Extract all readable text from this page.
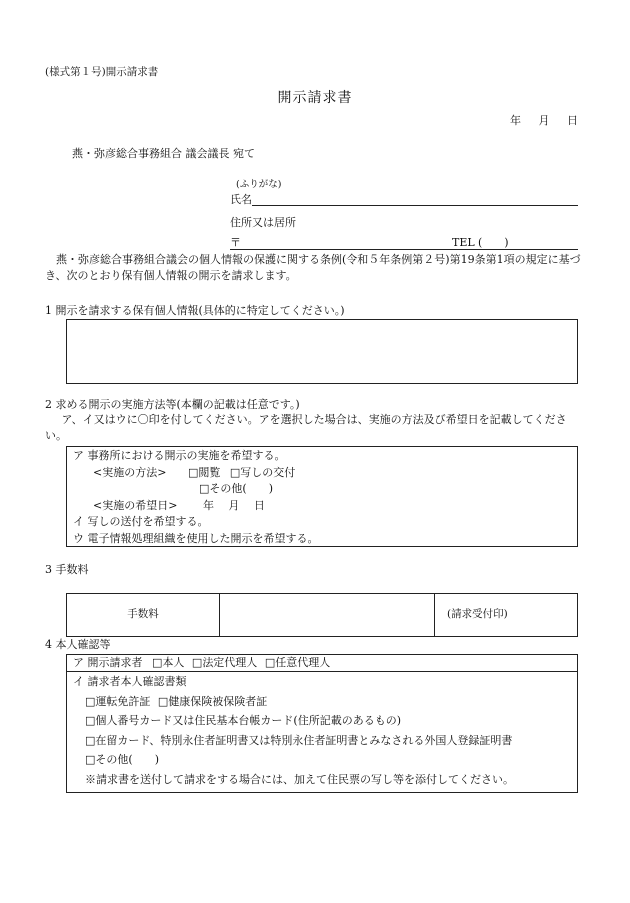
(様式第１号)開示請求書
開示請求書
年 月 日
燕・弥彦総合事務組合 議会議長 宛て
(ふりがな)
氏名
住所又は居所
〒	TEL (　　)
燕・弥彦総合事務組合議会の個人情報の保護に関する条例(令和５年条例第２号)第19条第1項の規定に基づき、次のとおり保有個人情報の開示を請求します。
1 開示を請求する保有個人情報(具体的に特定してください。)
2 求める開示の実施方法等(本欄の記載は任意です。)
ア、イ又はウに〇印を付してください。アを選択した場合は、実施の方法及び希望日を記載してください。
ア 事務所における開示の実施を希望する。
<実施の方法> □	閲覧 □ 写しの交付
□ その他(　　)
<実施の希望日> 年　 月　 日
イ 写しの送付を希望する。
ウ 電子情報処理組織を使用した開示を希望する。
3 手数料
手数料		(請求受付印)
4 本人確認等
ア 開示請求者 □ 本人 □ 法定代理人 □ 任意代理人
イ 請求者本人確認書類
□ 運転免許証 □ 健康保険被保険者証
□ 個人番号カード又は住民基本台帳カード(住所記載のあるもの)
□ 在留カード、特別永住者証明書又は特別永住者証明書とみなされる外国人登録証明書
□ その他(　　)
※請求書を送付して請求をする場合には、加えて住民票の写し等を添付してください。
